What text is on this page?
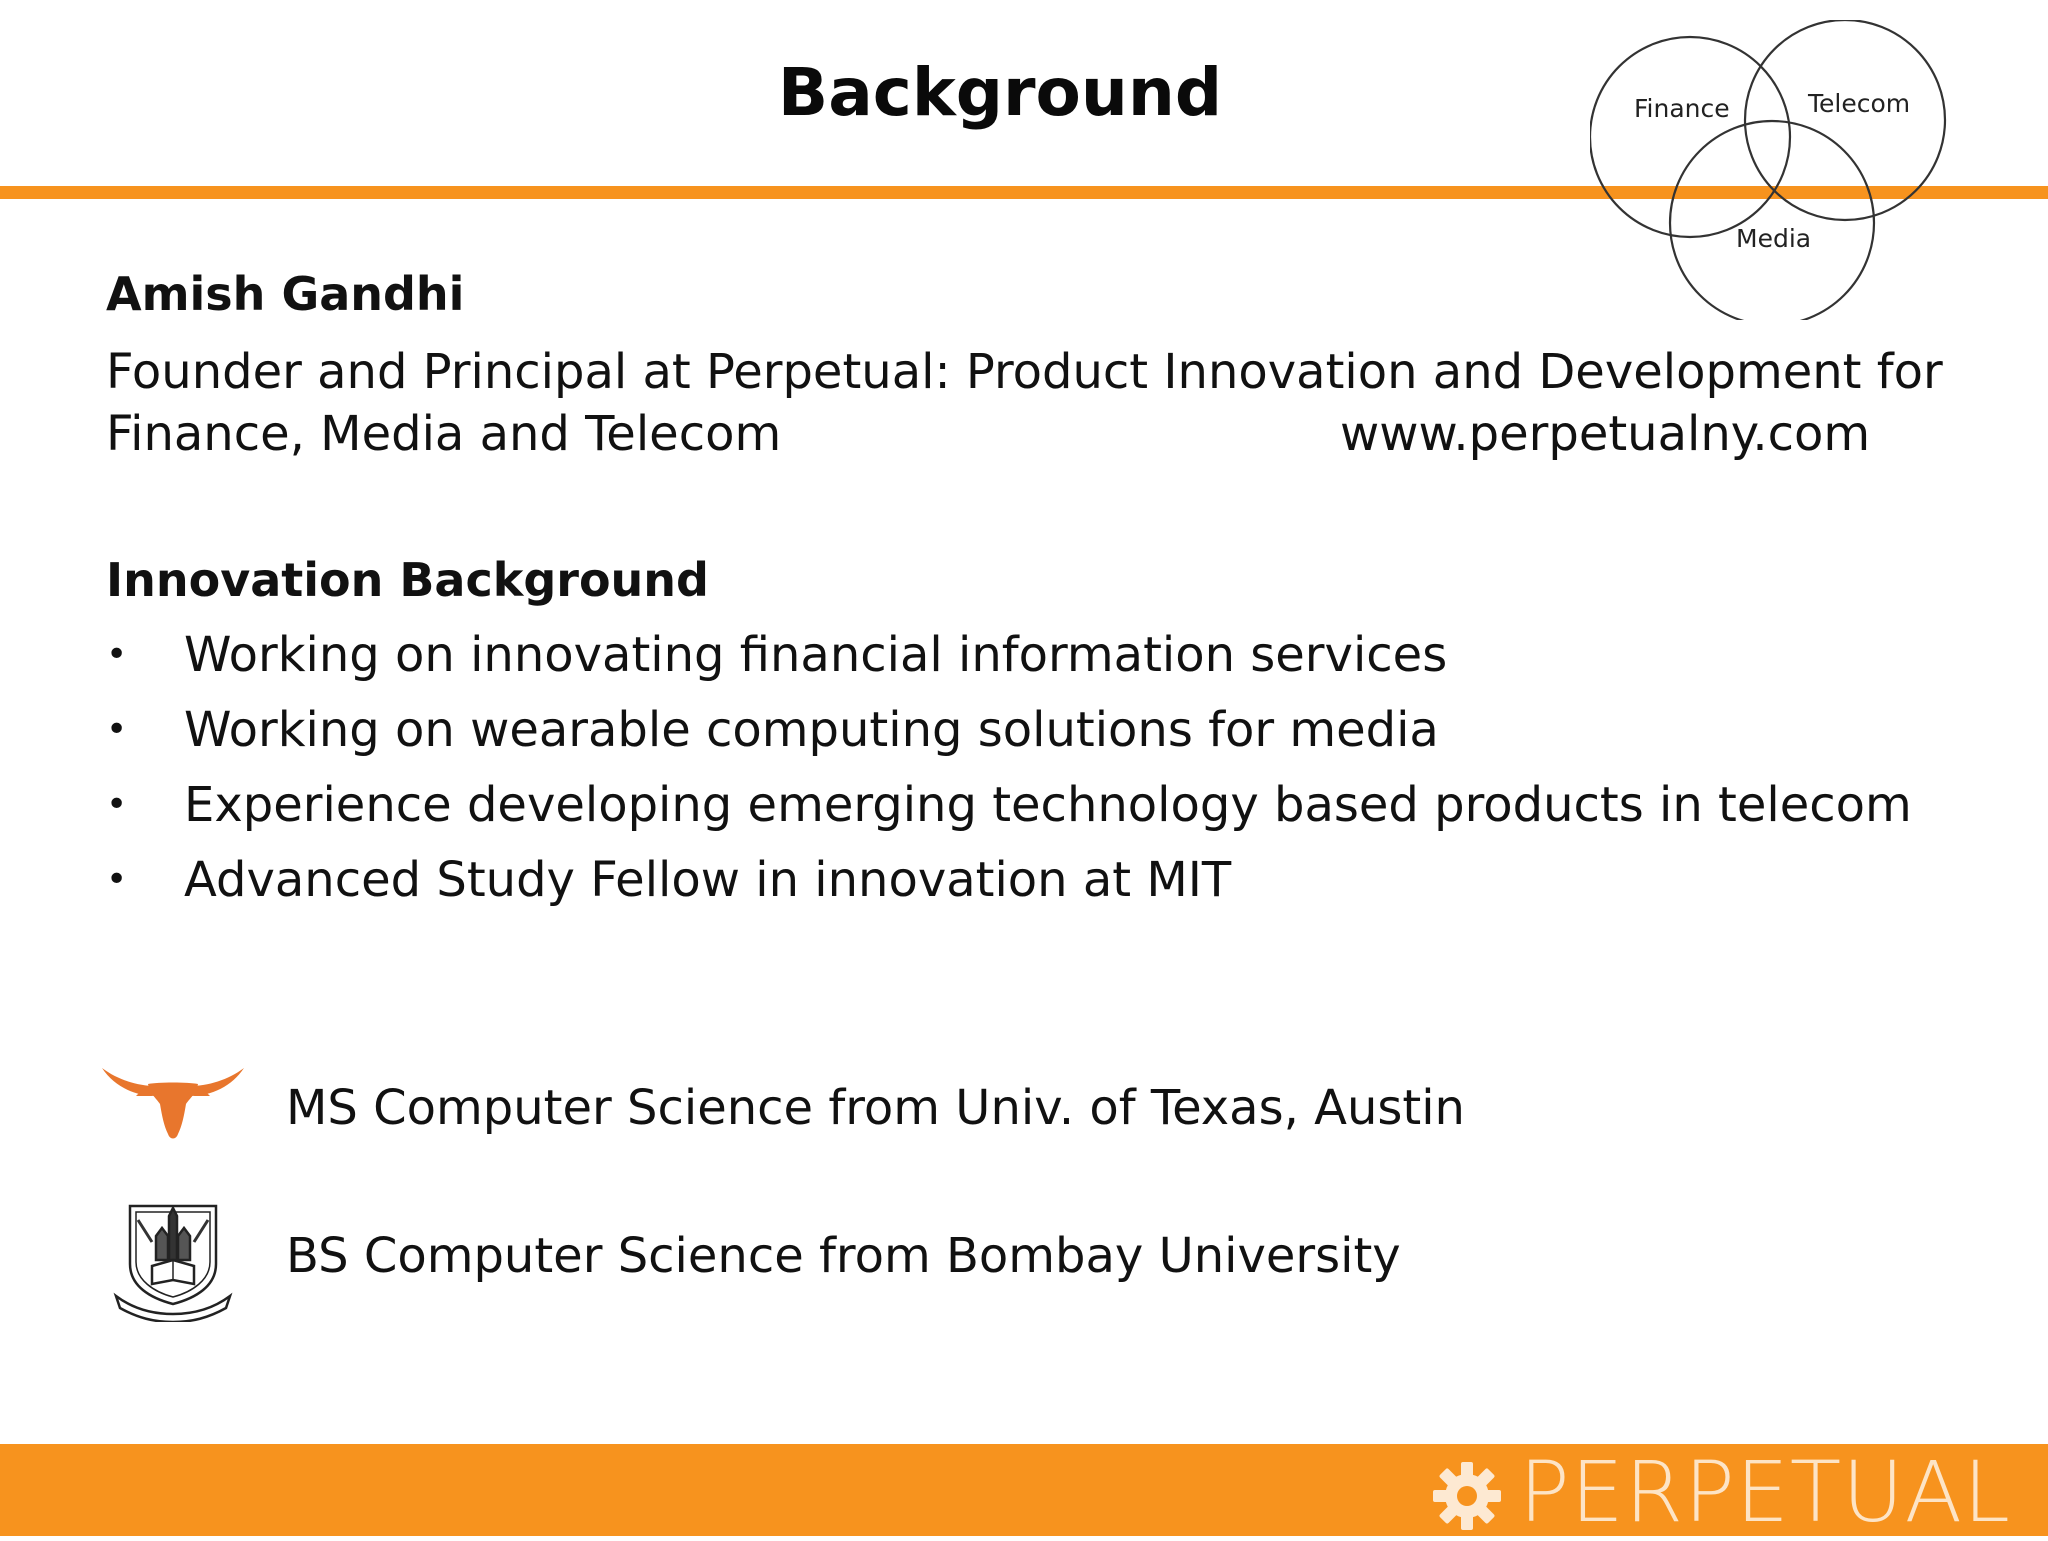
Background	Finance	Telecom
Media
Amish Gandhi
Founder and Principal at Perpetual: Product Innovation and Development for
Finance, Media and Telecom	www.perpetualny.com
Innovation Background
• Working on innovating financial information services
• Working on wearable computing solutions for media
• Experience developing emerging technology based products in telecom
• Advanced Study Fellow in innovation at MIT
MS Computer Science from Univ. of Texas, Austin
BS Computer Science from Bombay University
PERPETUAL
